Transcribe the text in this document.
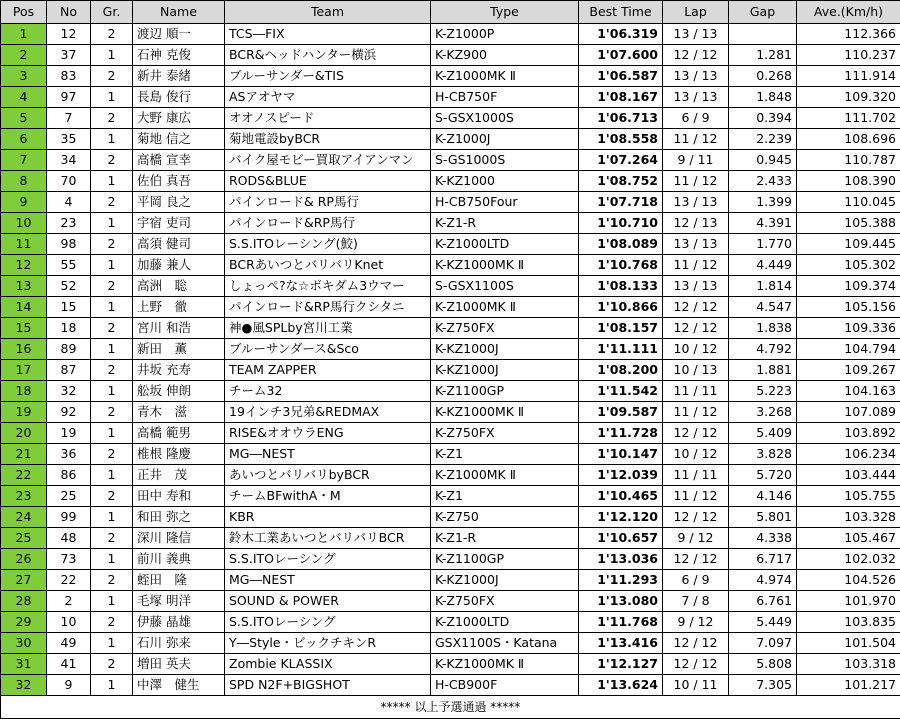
Pos	No	Gr.	Name	Team	Type	Best Time	Lap	Gap	Ave.(Km/h)
1	12	2	渡辺 順一	TCS―FIX	K-Z1000P	1'06.319	13 / 13		112.366
2	37	1	石神 克俊	BCR&ヘッドハンター横浜	K-KZ900	1'07.600	12 / 12	1.281	110.237
3	83	2	新井 泰緒	ブルーサンダー&TIS	K-Z1000MK Ⅱ	1'06.587	13 / 13	0.268	111.914
4	97	1	長島 俊行	ASアオヤマ	H-CB750F	1'08.167	13 / 13	1.848	109.320
5	7	2	大野 康広	オオノスピード	S-GSX1000S	1'06.713	6 / 9	0.394	111.702
6	35	1	菊地 信之	菊地電設byBCR	K-Z1000J	1'08.558	11 / 12	2.239	108.696
7	34	2	高橋 宣幸	バイク屋モビー買取アイアンマン	S-GS1000S	1'07.264	9 / 11	0.945	110.787
8	70	1	佐伯 真吾	RODS&BLUE	K-KZ1000	1'08.752	11 / 12	2.433	108.390
9	4	2	平岡 良之	パインロード& RP馬行	H-CB750Four	1'07.718	13 / 13	1.399	110.045
10	23	1	宇宿 吏司	パインロード&RP馬行	K-Z1-R	1'10.710	12 / 13	4.391	105.388
11	98	2	高須 健司	S.S.ITOレーシング(鮫)	K-Z1000LTD	1'08.089	13 / 13	1.770	109.445
12	55	1	加藤 兼人	BCRあいつとバリバリKnet	K-KZ1000MK Ⅱ	1'10.768	11 / 12	4.449	105.302
13	52	2	高洲　聡	しょっぺ?な☆ボキダム3ウマー	S-GSX1100S	1'08.133	13 / 13	1.814	109.374
14	15	1	上野　徹	パインロード&RP馬行クシタニ	K-Z1000MK Ⅱ	1'10.866	12 / 12	4.547	105.156
15	18	2	宮川 和浩	神●風SPLby宮川工業	K-Z750FX	1'08.157	12 / 12	1.838	109.336
16	89	1	新田　薫	ブルーサンダース&Sco	K-KZ1000J	1'11.111	10 / 12	4.792	104.794
17	87	2	井坂 充寿	TEAM ZAPPER	K-KZ1000J	1'08.200	10 / 13	1.881	109.267
18	32	1	舩坂 伸朗	チーム32	K-Z1100GP	1'11.542	11 / 11	5.223	104.163
19	92	2	青木　滋	19インチ3兄弟&REDMAX	K-KZ1000MK Ⅱ	1'09.587	11 / 12	3.268	107.089
20	19	1	高橋 範男	RISE&オオウラENG	K-Z750FX	1'11.728	12 / 12	5.409	103.892
21	36	2	椎根 隆慶	MG―NEST	K-Z1	1'10.147	10 / 12	3.828	106.234
22	86	1	正井　茂	あいつとバリバリbyBCR	K-Z1000MK Ⅱ	1'12.039	11 / 11	5.720	103.444
23	25	2	田中 寿和	チームBFwithA・M	K-Z1	1'10.465	11 / 12	4.146	105.755
24	99	1	和田 弥之	KBR	K-Z750	1'12.120	12 / 12	5.801	103.328
25	48	2	深川 隆信	鈴木工業あいつとバリバリBCR	K-Z1-R	1'10.657	9 / 12	4.338	105.467
26	73	1	前川 義典	S.S.ITOレーシング	K-Z1100GP	1'13.036	12 / 12	6.717	102.032
27	22	2	蛭田　隆	MG―NEST	K-KZ1000J	1'11.293	6 / 9	4.974	104.526
28	2	1	毛塚 明洋	SOUND & POWER	K-Z750FX	1'13.080	7 / 8	6.761	101.970
29	10	2	伊藤 晶雄	S.S.ITOレーシング	K-Z1000LTD	1'11.768	9 / 12	5.449	103.835
30	49	1	石川 弥来	Y―Style・ビックチキンR	GSX1100S・Katana	1'13.416	12 / 12	7.097	101.504
31	41	2	増田 英夫	Zombie KLASSIX	K-KZ1000MK Ⅱ	1'12.127	12 / 12	5.808	103.318
32	9	1	中澤　健生	SPD N2F+BIGSHOT	H-CB900F	1'13.624	10 / 11	7.305	101.217
***** 以上予選通過 *****									
